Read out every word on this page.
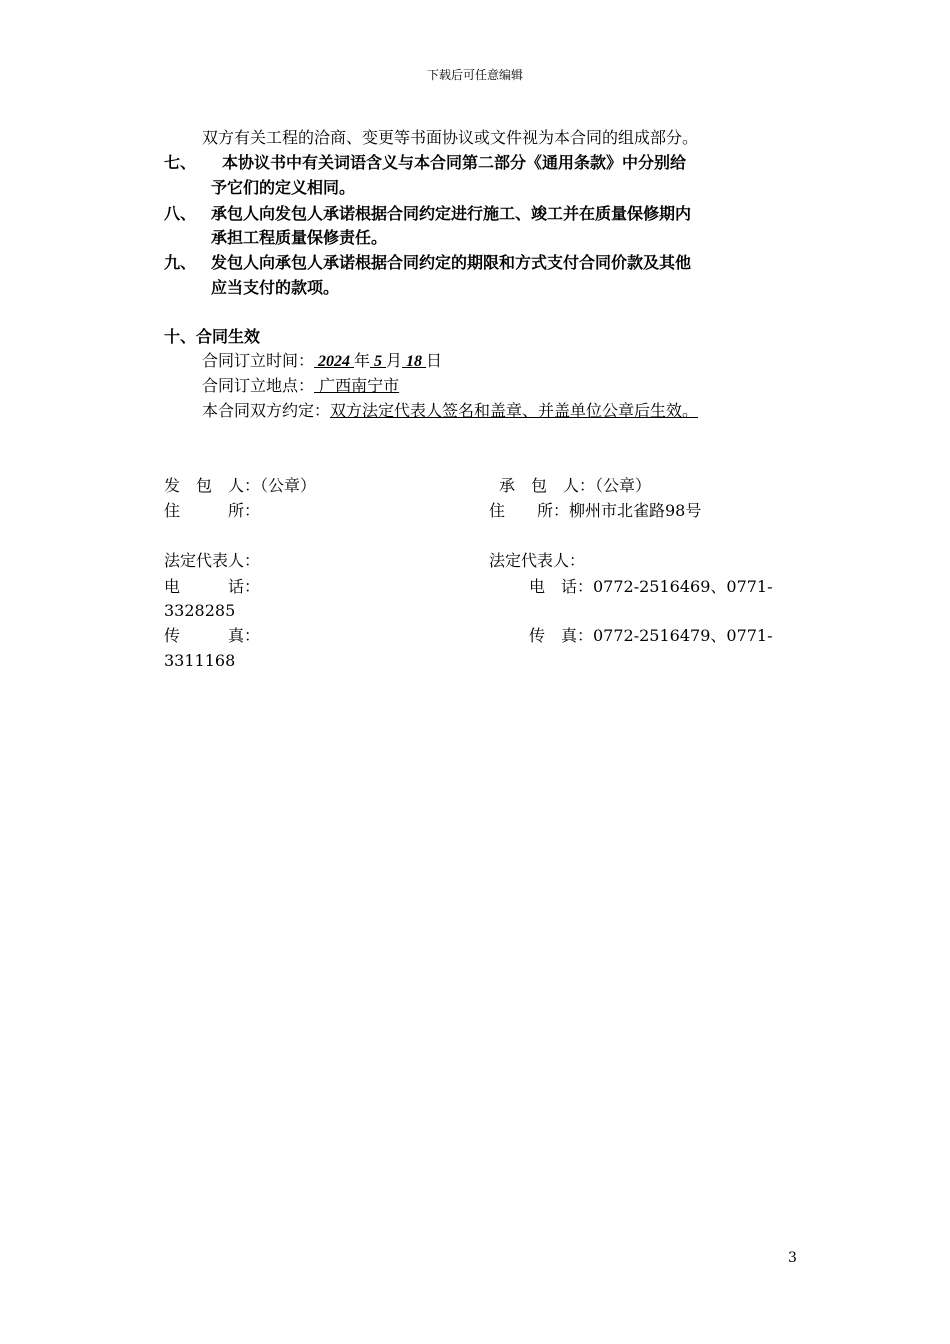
下载后可任意编辑
双方有关工程的洽商、变更等书面协议或文件视为本合同的组成部分。
七、 本协议书中有关词语含义与本合同第二部分《通用条款》中分别给
予它们的定义相同。
八、 承包人向发包人承诺根据合同约定进行施工、竣工并在质量保修期内
承担工程质量保修责任。
九、 发包人向承包人承诺根据合同约定的期限和方式支付合同价款及其他
应当支付的款项。
十、合同生效
合同订立时间： 2024 年 5 月 18 日
合同订立地点： 广西南宁市
本合同双方约定：双方法定代表人签名和盖章、并盖单位公章后生效。
发　包　人：（公章）	承　包　人：（公章）
住　　　所：	住　　所：柳州市北雀路98号
法定代表人：	法定代表人：
电　　　话：	电　话：0772-2516469、0771-
3328285
传　　　真：	传　真：0772-2516479、0771-
3311168
3
